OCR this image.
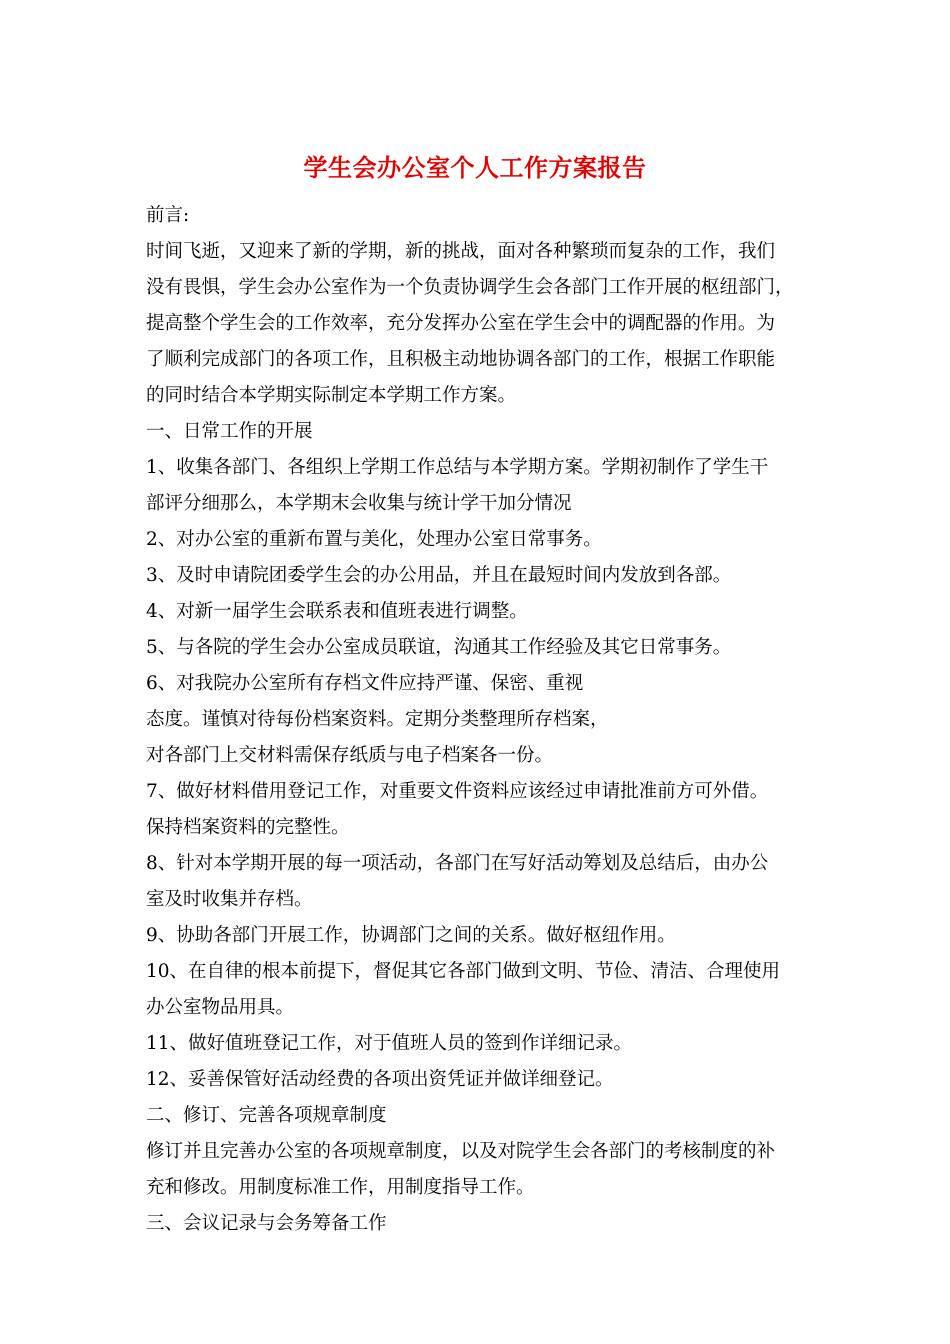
学生会办公室个人工作方案报告
前言:
时间飞逝，又迎来了新的学期，新的挑战，面对各种繁琐而复杂的工作，我们
没有畏惧，学生会办公室作为一个负责协调学生会各部门工作开展的枢纽部门，
提高整个学生会的工作效率，充分发挥办公室在学生会中的调配器的作用。为
了顺利完成部门的各项工作，且积极主动地协调各部门的工作，根据工作职能
的同时结合本学期实际制定本学期工作方案。
一、日常工作的开展
1、收集各部门、各组织上学期工作总结与本学期方案。学期初制作了学生干
部评分细那么，本学期末会收集与统计学干加分情况
2、对办公室的重新布置与美化，处理办公室日常事务。
3、及时申请院团委学生会的办公用品，并且在最短时间内发放到各部。
4、对新一届学生会联系表和值班表进行调整。
5、与各院的学生会办公室成员联谊，沟通其工作经验及其它日常事务。
6、对我院办公室所有存档文件应持严谨、保密、重视
态度。谨慎对待每份档案资料。定期分类整理所存档案，
对各部门上交材料需保存纸质与电子档案各一份。
7、做好材料借用登记工作，对重要文件资料应该经过申请批准前方可外借。
保持档案资料的完整性。
8、针对本学期开展的每一项活动，各部门在写好活动筹划及总结后，由办公
室及时收集并存档。
9、协助各部门开展工作，协调部门之间的关系。做好枢纽作用。
10、在自律的根本前提下，督促其它各部门做到文明、节俭、清洁、合理使用
办公室物品用具。
11、做好值班登记工作，对于值班人员的签到作详细记录。
12、妥善保管好活动经费的各项出资凭证并做详细登记。
二、修订、完善各项规章制度
修订并且完善办公室的各项规章制度，以及对院学生会各部门的考核制度的补
充和修改。用制度标准工作，用制度指导工作。
三、会议记录与会务筹备工作
